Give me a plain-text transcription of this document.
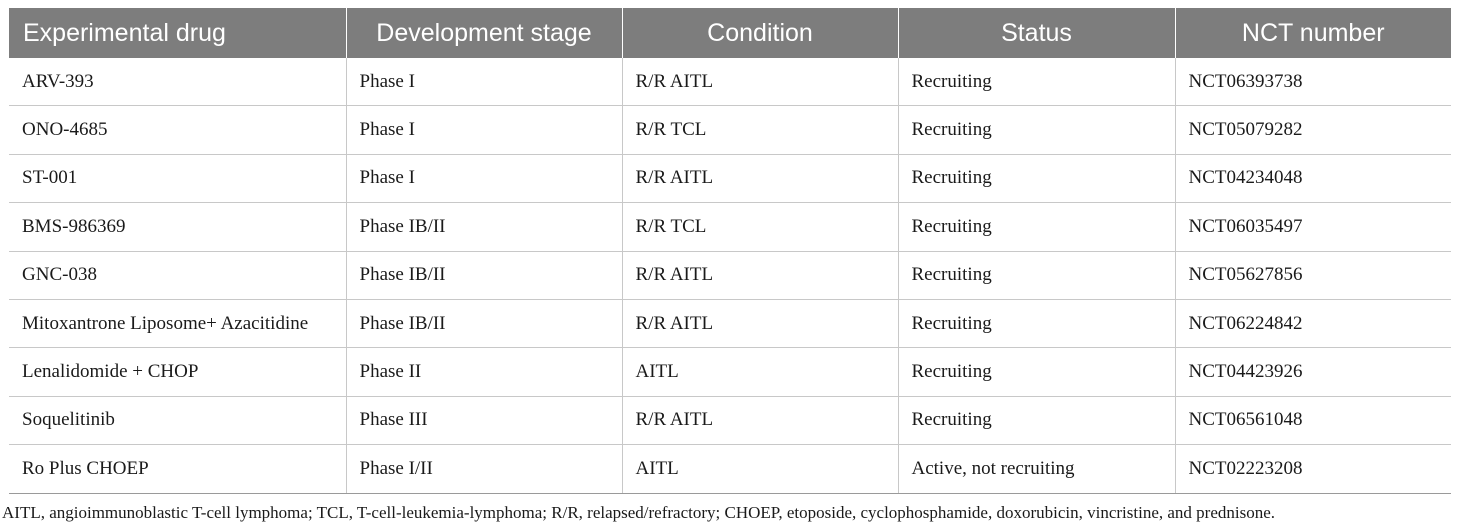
Experimental drug	Development stage	Condition	Status	NCT number
ARV-393	Phase I	R/R AITL	Recruiting	NCT06393738
ONO-4685	Phase I	R/R TCL	Recruiting	NCT05079282
ST-001	Phase I	R/R AITL	Recruiting	NCT04234048
BMS-986369	Phase IB/II	R/R TCL	Recruiting	NCT06035497
GNC-038	Phase IB/II	R/R AITL	Recruiting	NCT05627856
Mitoxantrone Liposome+ Azacitidine	Phase IB/II	R/R AITL	Recruiting	NCT06224842
Lenalidomide + CHOP	Phase II	AITL	Recruiting	NCT04423926
Soquelitinib	Phase III	R/R AITL	Recruiting	NCT06561048
Ro Plus CHOEP	Phase I/II	AITL	Active, not recruiting	NCT02223208
AITL, angioimmunoblastic T-cell lymphoma; TCL, T-cell-leukemia-lymphoma; R/R, relapsed/refractory; CHOEP, etoposide, cyclophosphamide, doxorubicin, vincristine, and prednisone.
